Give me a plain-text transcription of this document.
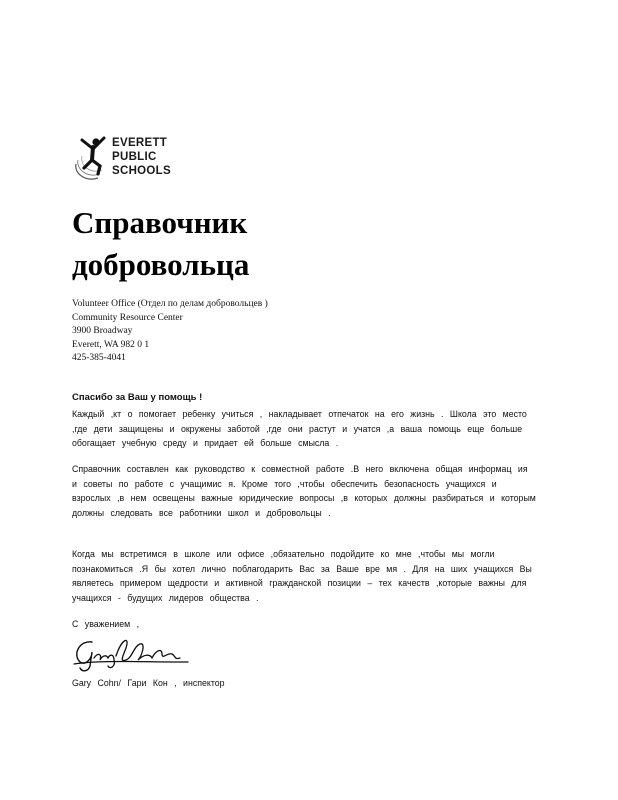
EVERETT
PUBLIC
SCHOOLS
Справочник
добровольца
Volunteer Office (Отдел по делам добровольцев )
Community Resource Center
3900 Broadway
Everett, WA 982 0 1
425-385-4041
Спасибо за Ваш у помощь !
Каждый ,кт о помогает ребенку учиться , накладывает отпечаток на его жизнь . Школа это место ,где дети защищены и окружены заботой ,где они растут и учатся ,а ваша помощь еще больше обогащает учебную среду и придает ей больше смысла .
Справочник составлен как руководство к совместной работе .В него включена общая информац ия и советы по работе с учащимис я. Кроме того ,чтобы обеспечить безопасность учащихся и взрослых ,в нем освещены важные юридические вопросы ,в которых должны разбираться и которым должны следовать все работники школ и добровольцы .
Когда мы встретимся в школе или офисе ,обязательно подойдите ко мне ,чтобы мы могли познакомиться .Я бы хотел лично поблагодарить Вас за Ваше вре мя . Для на ших учащихся Вы являетесь примером щедрости и активной гражданской позиции – тех качеств ,которые важны для учащихся - будущих лидеров общества .
С уважением ,
Gary Cohn/ Гари Кон , инспектор
